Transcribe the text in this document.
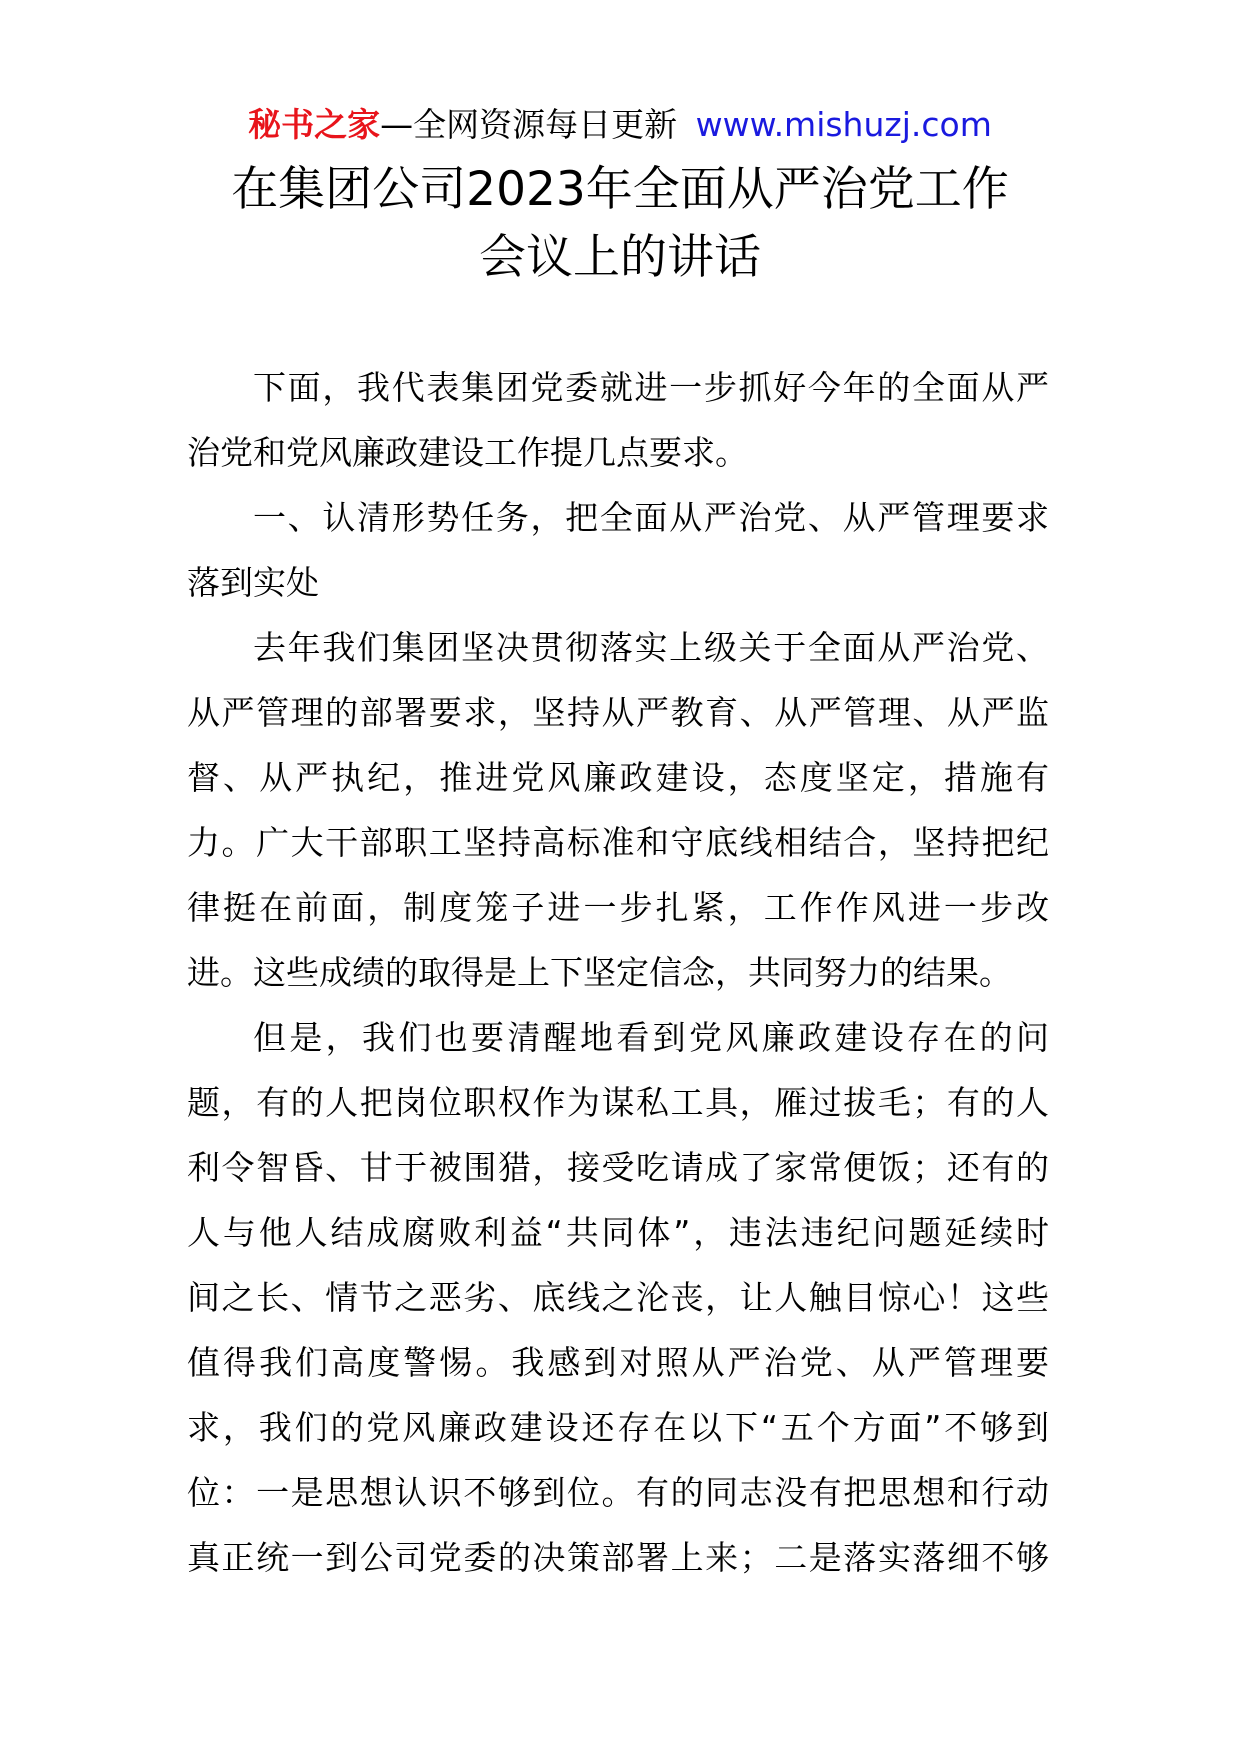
秘书之家—全网资源每日更新 www.mishuzj.com
在集团公司2023年全面从严治党工作
会议上的讲话
下面，我代表集团党委就进一步抓好今年的全面从严
治党和党风廉政建设工作提几点要求。
一、认清形势任务，把全面从严治党、从严管理要求
落到实处
去年我们集团坚决贯彻落实上级关于全面从严治党、
从严管理的部署要求，坚持从严教育、从严管理、从严监
督、从严执纪，推进党风廉政建设，态度坚定，措施有
力。广大干部职工坚持高标准和守底线相结合，坚持把纪
律挺在前面，制度笼子进一步扎紧，工作作风进一步改
进。这些成绩的取得是上下坚定信念，共同努力的结果。
但是，我们也要清醒地看到党风廉政建设存在的问
题，有的人把岗位职权作为谋私工具，雁过拔毛；有的人
利令智昏、甘于被围猎，接受吃请成了家常便饭；还有的
人与他人结成腐败利益“共同体”，违法违纪问题延续时
间之长、情节之恶劣、底线之沦丧，让人触目惊心！这些
值得我们高度警惕。我感到对照从严治党、从严管理要
求，我们的党风廉政建设还存在以下“五个方面”不够到
位：一是思想认识不够到位。有的同志没有把思想和行动
真正统一到公司党委的决策部署上来；二是落实落细不够
